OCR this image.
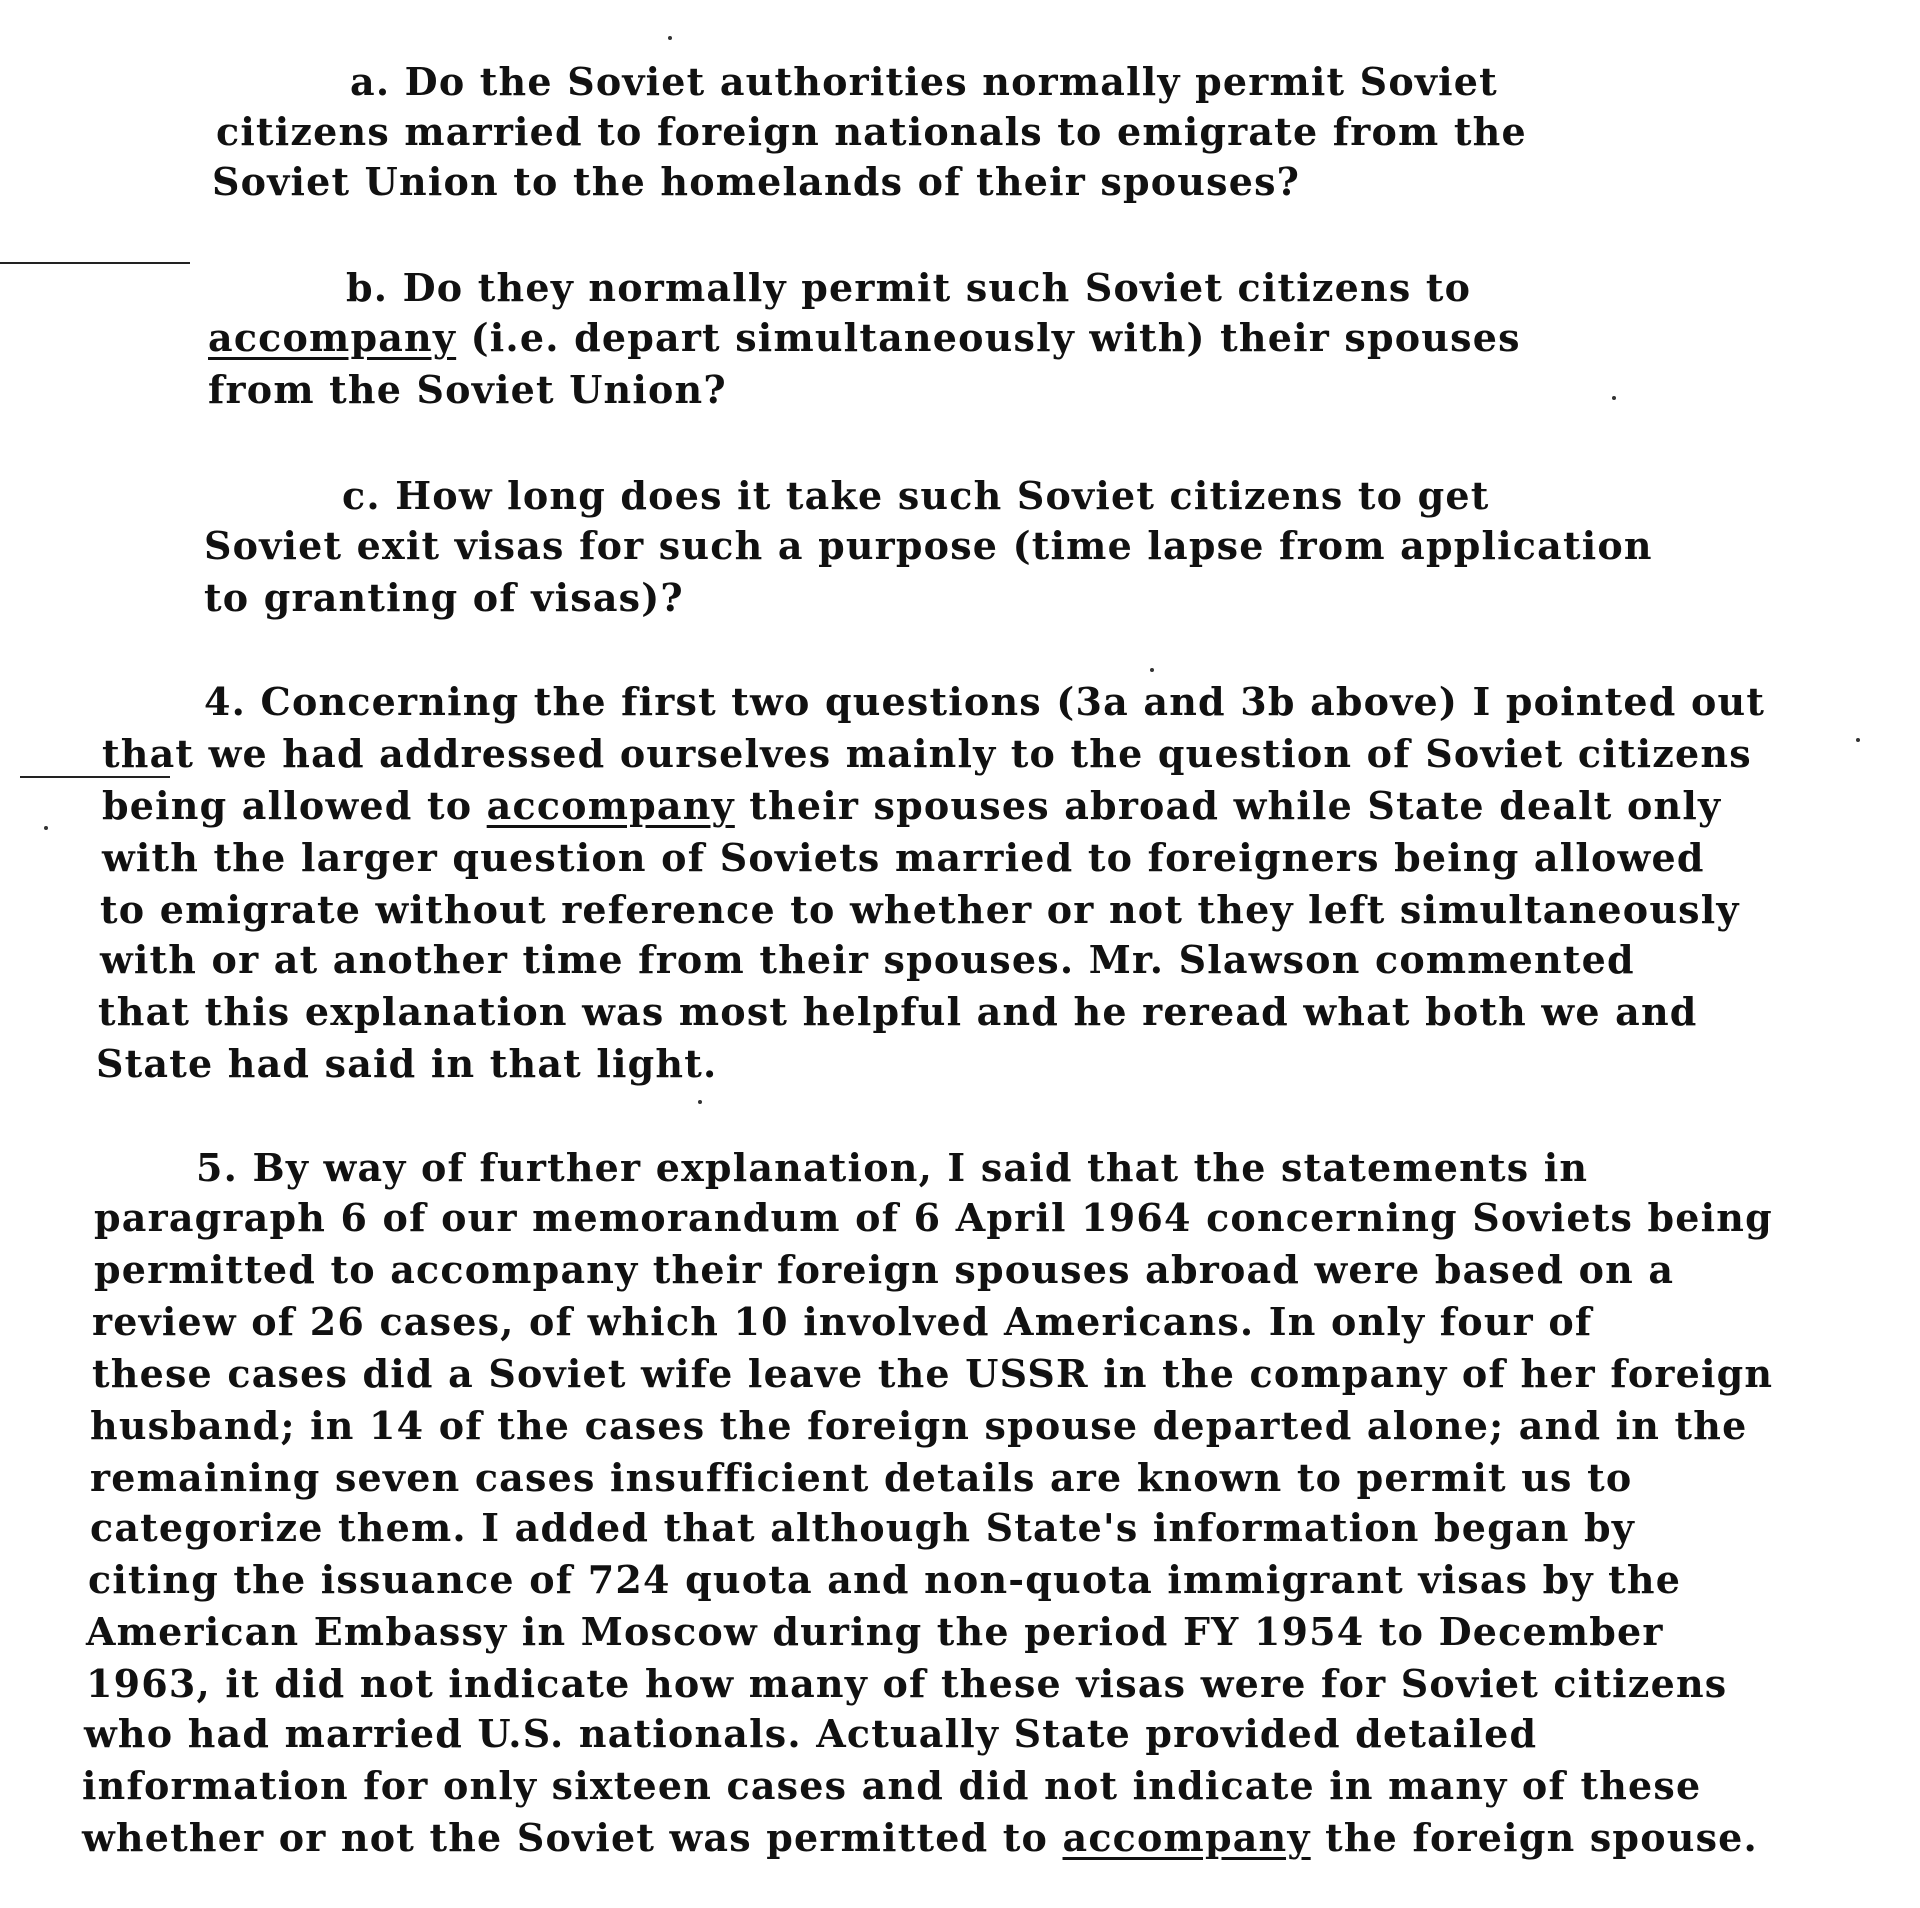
a. Do the Soviet authorities normally permit Soviet
citizens married to foreign nationals to emigrate from the
Soviet Union to the homelands of their spouses?
b. Do they normally permit such Soviet citizens to
accompany (i.e. depart simultaneously with) their spouses
from the Soviet Union?
c. How long does it take such Soviet citizens to get
Soviet exit visas for such a purpose (time lapse from application
to granting of visas)?
4. Concerning the first two questions (3a and 3b above) I pointed out
that we had addressed ourselves mainly to the question of Soviet citizens
being allowed to accompany their spouses abroad while State dealt only
with the larger question of Soviets married to foreigners being allowed
to emigrate without reference to whether or not they left simultaneously
with or at another time from their spouses. Mr. Slawson commented
that this explanation was most helpful and he reread what both we and
State had said in that light.
5. By way of further explanation, I said that the statements in
paragraph 6 of our memorandum of 6 April 1964 concerning Soviets being
permitted to accompany their foreign spouses abroad were based on a
review of 26 cases, of which 10 involved Americans. In only four of
these cases did a Soviet wife leave the USSR in the company of her foreign
husband; in 14 of the cases the foreign spouse departed alone; and in the
remaining seven cases insufficient details are known to permit us to
categorize them. I added that although State's information began by
citing the issuance of 724 quota and non-quota immigrant visas by the
American Embassy in Moscow during the period FY 1954 to December
1963, it did not indicate how many of these visas were for Soviet citizens
who had married U.S. nationals. Actually State provided detailed
information for only sixteen cases and did not indicate in many of these
whether or not the Soviet was permitted to accompany the foreign spouse.
